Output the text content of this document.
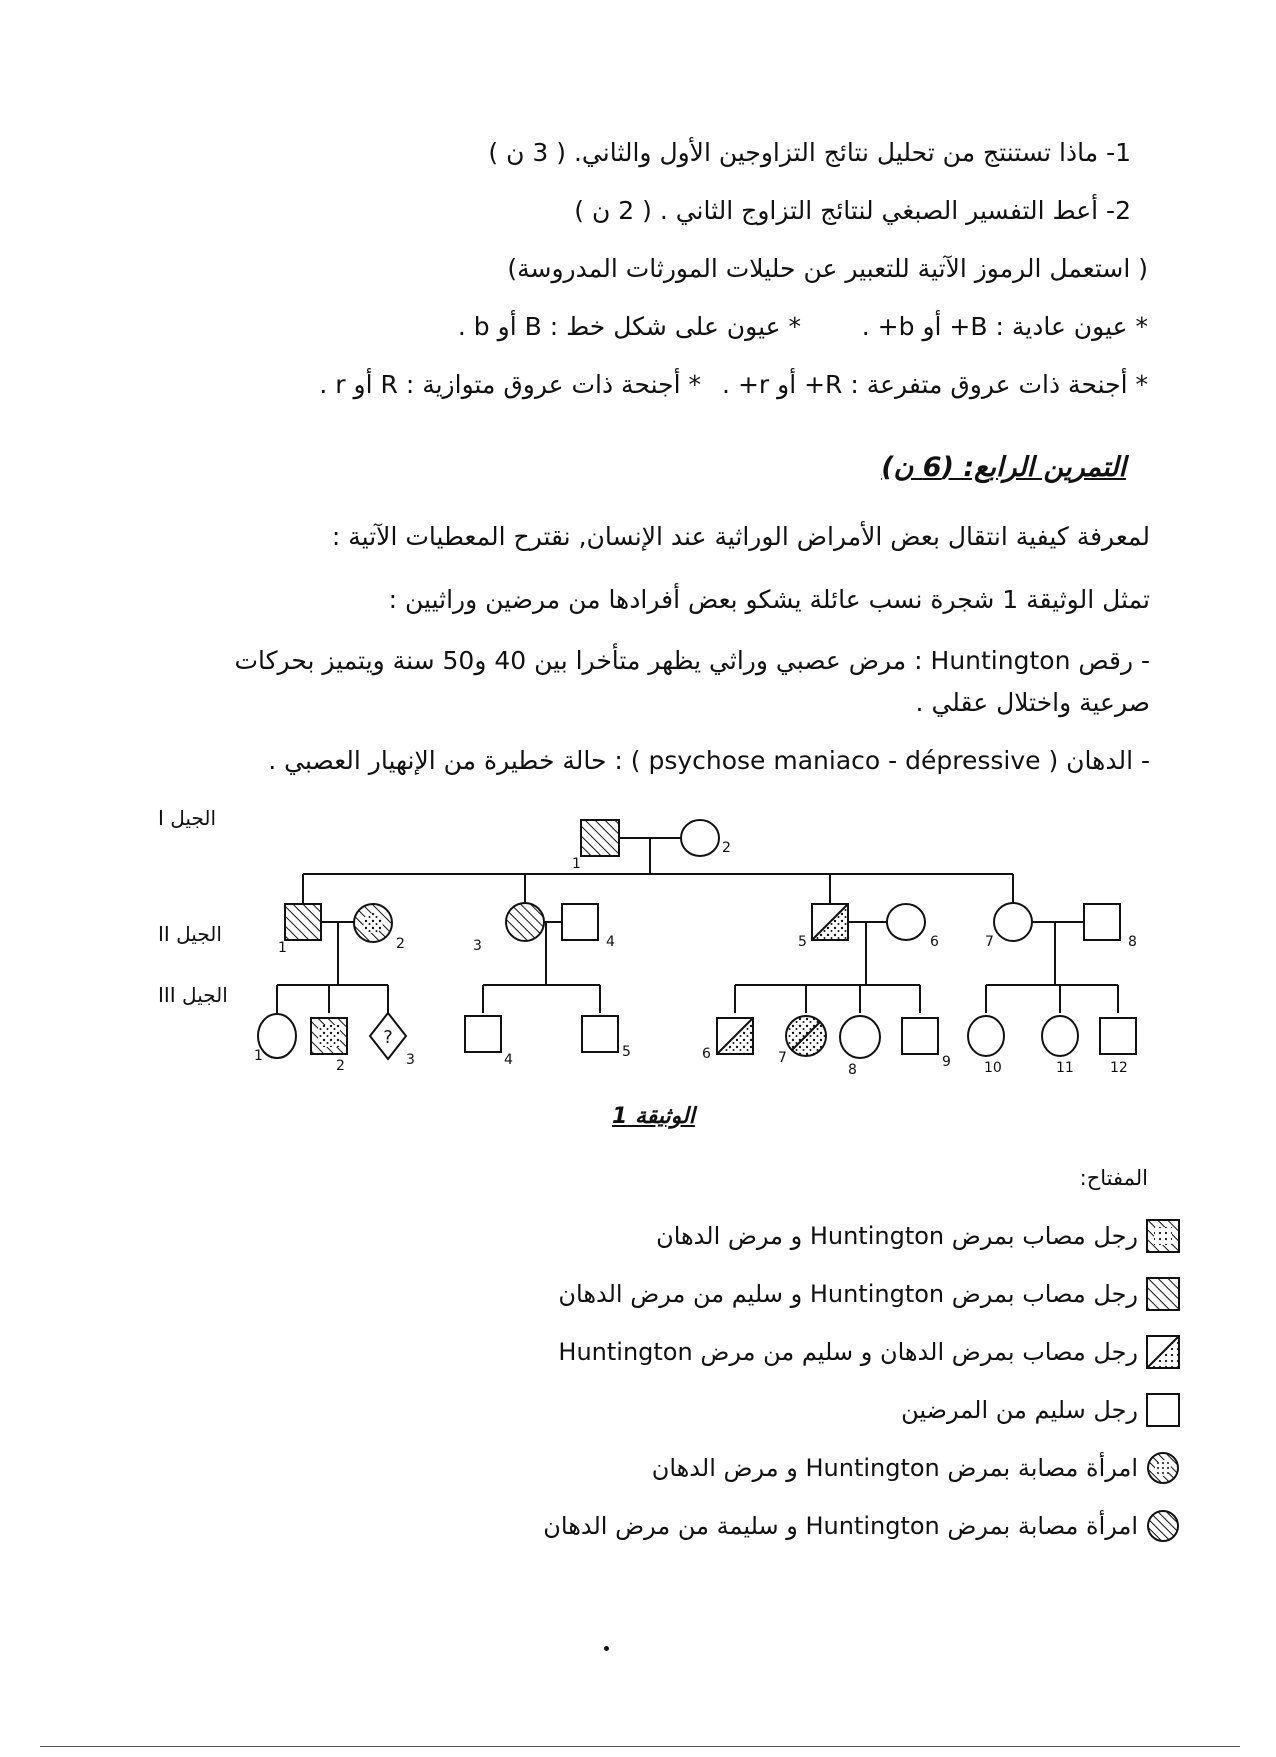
1- ماذا تستنتج من تحليل نتائج التزاوجين الأول والثاني. ( 3 ن )
2- أعط التفسير الصبغي لنتائج التزاوج الثاني . ( 2 ن )
( استعمل الرموز الآتية للتعبير عن حليلات المورثات المدروسة)
* عيون عادية : B+ أو b+ .
* عيون على شكل خط : B أو b .
* أجنحة ذات عروق متفرعة : R+ أو r+ .
* أجنحة ذات عروق متوازية : R أو r .
التمرين الرابع: (6 ن)
لمعرفة كيفية انتقال بعض الأمراض الوراثية عند الإنسان, نقترح المعطيات الآتية :
تمثل الوثيقة 1 شجرة نسب عائلة يشكو بعض أفرادها من مرضين وراثيين :
- رقص Huntington : مرض عصبي وراثي يظهر متأخرا بين 40 و50 سنة ويتميز بحركات
صرعية واختلال عقلي .
- الدهان ( psychose maniaco - dépressive ) : حالة خطيرة من الإنهيار العصبي .
الجيل I
الجيل II
الجيل III
?
1
2
1	2	3	4	5	6	7	8
1
2	3	4	5	6	7
8	9 10	11	12
الوثيقة 1
المفتاح:
رجل مصاب بمرض Huntington و مرض الدهان
رجل مصاب بمرض Huntington و سليم من مرض الدهان
رجل مصاب بمرض الدهان و سليم من مرض Huntington
رجل سليم من المرضين
امرأة مصابة بمرض Huntington و مرض الدهان
امرأة مصابة بمرض Huntington و سليمة من مرض الدهان
